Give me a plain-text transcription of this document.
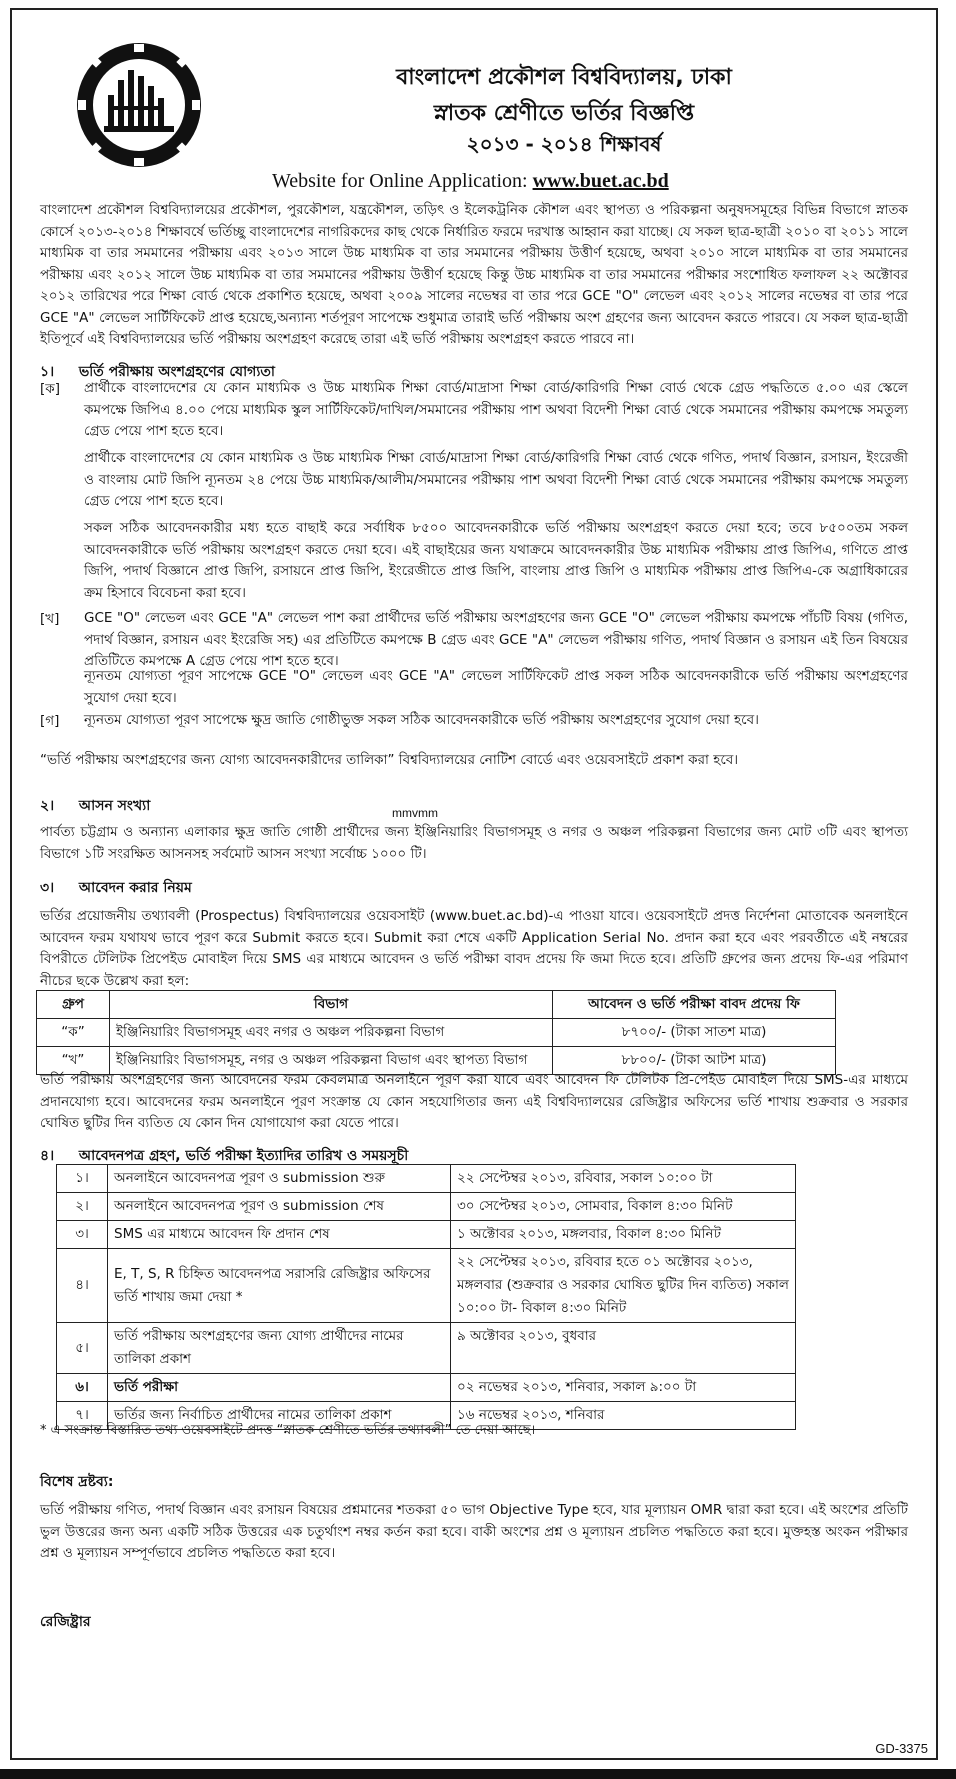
বাংলাদেশ প্রকৌশল বিশ্ববিদ্যালয়, ঢাকা
স্নাতক শ্রেণীতে ভর্তির বিজ্ঞপ্তি
২০১৩ - ২০১৪ শিক্ষাবর্ষ
Website for Online Application: www.buet.ac.bd
বাংলাদেশ প্রকৌশল বিশ্ববিদ্যালয়ের প্রকৌশল, পুরকৌশল, যন্ত্রকৌশল, তড়িৎ ও ইলেকট্রনিক কৌশল এবং স্থাপত্য ও পরিকল্পনা অনুষদসমূহের বিভিন্ন বিভাগে স্নাতক কোর্সে ২০১৩-২০১৪ শিক্ষাবর্ষে ভর্তিচ্ছু বাংলাদেশের নাগরিকদের কাছ থেকে নির্ধারিত ফরমে দরখাস্ত আহ্বান করা যাচ্ছে। যে সকল ছাত্র-ছাত্রী ২০১০ বা ২০১১ সালে মাধ্যমিক বা তার সমমানের পরীক্ষায় এবং ২০১৩ সালে উচ্চ মাধ্যমিক বা তার সমমানের পরীক্ষায় উত্তীর্ণ হয়েছে, অথবা ২০১০ সালে মাধ্যমিক বা তার সমমানের পরীক্ষায় এবং ২০১২ সালে উচ্চ মাধ্যমিক বা তার সমমানের পরীক্ষায় উত্তীর্ণ হয়েছে কিন্তু উচ্চ মাধ্যমিক বা তার সমমানের পরীক্ষার সংশোধিত ফলাফল ২২ অক্টোবর ২০১২ তারিখের পরে শিক্ষা বোর্ড থেকে প্রকাশিত হয়েছে, অথবা ২০০৯ সালের নভেম্বর বা তার পরে GCE "O" লেভেল এবং ২০১২ সালের নভেম্বর বা তার পরে GCE "A" লেভেল সার্টিফিকেট প্রাপ্ত হয়েছে,অন্যান্য শর্তপূরণ সাপেক্ষে শুধুমাত্র তারাই ভর্তি পরীক্ষায় অংশ গ্রহণের জন্য আবেদন করতে পারবে। যে সকল ছাত্র-ছাত্রী ইতিপূর্বে এই বিশ্ববিদ্যালয়ের ভর্তি পরীক্ষায় অংশগ্রহণ করেছে তারা এই ভর্তি পরীক্ষায় অংশগ্রহণ করতে পারবে না।
১। ভর্তি পরীক্ষায় অংশগ্রহণের যোগ্যতা
[ক] প্রার্থীকে বাংলাদেশের যে কোন মাধ্যমিক ও উচ্চ মাধ্যমিক শিক্ষা বোর্ড/মাদ্রাসা শিক্ষা বোর্ড/কারিগরি শিক্ষা বোর্ড থেকে গ্রেড পদ্ধতিতে ৫.০০ এর স্কেলে কমপক্ষে জিপিএ ৪.০০ পেয়ে মাধ্যমিক স্কুল সার্টিফিকেট/দাখিল/সমমানের পরীক্ষায় পাশ অথবা বিদেশী শিক্ষা বোর্ড থেকে সমমানের পরীক্ষায় কমপক্ষে সমতুল্য গ্রেড পেয়ে পাশ হতে হবে।
প্রার্থীকে বাংলাদেশের যে কোন মাধ্যমিক ও উচ্চ মাধ্যমিক শিক্ষা বোর্ড/মাদ্রাসা শিক্ষা বোর্ড/কারিগরি শিক্ষা বোর্ড থেকে গণিত, পদার্থ বিজ্ঞান, রসায়ন, ইংরেজী ও বাংলায় মোট জিপি ন্যূনতম ২৪ পেয়ে উচ্চ মাধ্যমিক/আলীম/সমমানের পরীক্ষায় পাশ অথবা বিদেশী শিক্ষা বোর্ড থেকে সমমানের পরীক্ষায় কমপক্ষে সমতুল্য গ্রেড পেয়ে পাশ হতে হবে।
সকল সঠিক আবেদনকারীর মধ্য হতে বাছাই করে সর্বাধিক ৮৫০০ আবেদনকারীকে ভর্তি পরীক্ষায় অংশগ্রহণ করতে দেয়া হবে; তবে ৮৫০০তম সকল আবেদনকারীকে ভর্তি পরীক্ষায় অংশগ্রহণ করতে দেয়া হবে। এই বাছাইয়ের জন্য যথাক্রমে আবেদনকারীর উচ্চ মাধ্যমিক পরীক্ষায় প্রাপ্ত জিপিএ, গণিতে প্রাপ্ত জিপি, পদার্থ বিজ্ঞানে প্রাপ্ত জিপি, রসায়নে প্রাপ্ত জিপি, ইংরেজীতে প্রাপ্ত জিপি, বাংলায় প্রাপ্ত জিপি ও মাধ্যমিক পরীক্ষায় প্রাপ্ত জিপিএ-কে অগ্রাধিকারের ক্রম হিসাবে বিবেচনা করা হবে।
[খ] GCE "O" লেভেল এবং GCE "A" লেভেল পাশ করা প্রার্থীদের ভর্তি পরীক্ষায় অংশগ্রহণের জন্য GCE "O" লেভেল পরীক্ষায় কমপক্ষে পাঁচটি বিষয় (গণিত, পদার্থ বিজ্ঞান, রসায়ন এবং ইংরেজি সহ) এর প্রতিটিতে কমপক্ষে B গ্রেড এবং GCE "A" লেভেল পরীক্ষায় গণিত, পদার্থ বিজ্ঞান ও রসায়ন এই তিন বিষয়ের প্রতিটিতে কমপক্ষে A গ্রেড পেয়ে পাশ হতে হবে।
ন্যূনতম যোগ্যতা পূরণ সাপেক্ষে GCE "O" লেভেল এবং GCE "A" লেভেল সার্টিফিকেট প্রাপ্ত সকল সঠিক আবেদনকারীকে ভর্তি পরীক্ষায় অংশগ্রহণের সুযোগ দেয়া হবে।
[গ] ন্যূনতম যোগ্যতা পূরণ সাপেক্ষে ক্ষুদ্র জাতি গোষ্ঠীভুক্ত সকল সঠিক আবেদনকারীকে ভর্তি পরীক্ষায় অংশগ্রহণের সুযোগ দেয়া হবে।
“ভর্তি পরীক্ষায় অংশগ্রহণের জন্য যোগ্য আবেদনকারীদের তালিকা” বিশ্ববিদ্যালয়ের নোটিশ বোর্ডে এবং ওয়েবসাইটে প্রকাশ করা হবে।
২। আসন সংখ্যা	mmvmm
পার্বত্য চট্টগ্রাম ও অন্যান্য এলাকার ক্ষুদ্র জাতি গোষ্ঠী প্রার্থীদের জন্য ইঞ্জিনিয়ারিং বিভাগসমূহ ও নগর ও অঞ্চল পরিকল্পনা বিভাগের জন্য মোট ৩টি এবং স্থাপত্য বিভাগে ১টি সংরক্ষিত আসনসহ সর্বমোট আসন সংখ্যা সর্বোচ্চ ১০০০ টি।
৩। আবেদন করার নিয়ম
ভর্তির প্রয়োজনীয় তথ্যাবলী (Prospectus) বিশ্ববিদ্যালয়ের ওয়েবসাইট (www.buet.ac.bd)-এ পাওয়া যাবে। ওয়েবসাইটে প্রদত্ত নির্দেশনা মোতাবেক অনলাইনে আবেদন ফরম যথাযথ ভাবে পূরণ করে Submit করতে হবে। Submit করা শেষে একটি Application Serial No. প্রদান করা হবে এবং পরবর্তীতে এই নম্বরের বিপরীতে টেলিটক প্রিপেইড মোবাইল দিয়ে SMS এর মাধ্যমে আবেদন ও ভর্তি পরীক্ষা বাবদ প্রদেয় ফি জমা দিতে হবে। প্রতিটি গ্রুপের জন্য প্রদেয় ফি-এর পরিমাণ নীচের ছকে উল্লেখ করা হল:
গ্রুপ	বিভাগ	আবেদন ও ভর্তি পরীক্ষা বাবদ প্রদেয় ফি
“ক”	ইঞ্জিনিয়ারিং বিভাগসমূহ এবং নগর ও অঞ্চল পরিকল্পনা বিভাগ	৮৭০০/- (টাকা সাতশ মাত্র)
“খ”	ইঞ্জিনিয়ারিং বিভাগসমূহ, নগর ও অঞ্চল পরিকল্পনা বিভাগ এবং স্থাপত্য বিভাগ	৮৮০০/- (টাকা আটশ মাত্র)
ভর্তি পরীক্ষায় অংশগ্রহণের জন্য আবেদনের ফরম কেবলমাত্র অনলাইনে পূরণ করা যাবে এবং আবেদন ফি টেলিটক প্রি-পেইড মোবাইল দিয়ে SMS-এর মাধ্যমে প্রদানযোগ্য হবে। আবেদনের ফরম অনলাইনে পূরণ সংক্রান্ত যে কোন সহযোগিতার জন্য এই বিশ্ববিদ্যালয়ের রেজিষ্ট্রার অফিসের ভর্তি শাখায় শুক্রবার ও সরকার ঘোষিত ছুটির দিন ব্যতিত যে কোন দিন যোগাযোগ করা যেতে পারে।
৪। আবেদনপত্র গ্রহণ, ভর্তি পরীক্ষা ইত্যাদির তারিখ ও সময়সূচী
১।	অনলাইনে আবেদনপত্র পূরণ ও submission শুরু	২২ সেপ্টেম্বর ২০১৩, রবিবার, সকাল ১০:০০ টা
২।	অনলাইনে আবেদনপত্র পূরণ ও submission শেষ	৩০ সেপ্টেম্বর ২০১৩, সোমবার, বিকাল ৪:৩০ মিনিট
৩।	SMS এর মাধ্যমে আবেদন ফি প্রদান শেষ	১ অক্টোবর ২০১৩, মঙ্গলবার, বিকাল ৪:৩০ মিনিট
৪।	E, T, S, R চিহ্নিত আবেদনপত্র সরাসরি রেজিষ্ট্রার অফিসের ভর্তি শাখায় জমা দেয়া *	২২ সেপ্টেম্বর ২০১৩, রবিবার হতে ০১ অক্টোবর ২০১৩, মঙ্গলবার (শুক্রবার ও সরকার ঘোষিত ছুটির দিন ব্যতিত) সকাল ১০:০০ টা- বিকাল ৪:৩০ মিনিট
৫।	ভর্তি পরীক্ষায় অংশগ্রহণের জন্য যোগ্য প্রার্থীদের নামের তালিকা প্রকাশ	৯ অক্টোবর ২০১৩, বুধবার
৬।	ভর্তি পরীক্ষা	০২ নভেম্বর ২০১৩, শনিবার, সকাল ৯:০০ টা
৭।	ভর্তির জন্য নির্বাচিত প্রার্থীদের নামের তালিকা প্রকাশ	১৬ নভেম্বর ২০১৩, শনিবার
* এ সংক্রান্ত বিস্তারিত তথ্য ওয়েবসাইটে প্রদত্ত “স্নাতক শ্রেণীতে ভর্তির তথ্যাবলী” তে দেয়া আছে।
বিশেষ দ্রষ্টব্য:
ভর্তি পরীক্ষায় গণিত, পদার্থ বিজ্ঞান এবং রসায়ন বিষয়ের প্রশ্নমানের শতকরা ৫০ ভাগ Objective Type হবে, যার মূল্যায়ন OMR দ্বারা করা হবে। এই অংশের প্রতিটি ভুল উত্তরের জন্য অন্য একটি সঠিক উত্তরের এক চতুর্থাংশ নম্বর কর্তন করা হবে। বাকী অংশের প্রশ্ন ও মূল্যায়ন প্রচলিত পদ্ধতিতে করা হবে। মুক্তহস্ত অংকন পরীক্ষার প্রশ্ন ও মূল্যায়ন সম্পূর্ণভাবে প্রচলিত পদ্ধতিতে করা হবে।
রেজিষ্ট্রার
GD-3375
